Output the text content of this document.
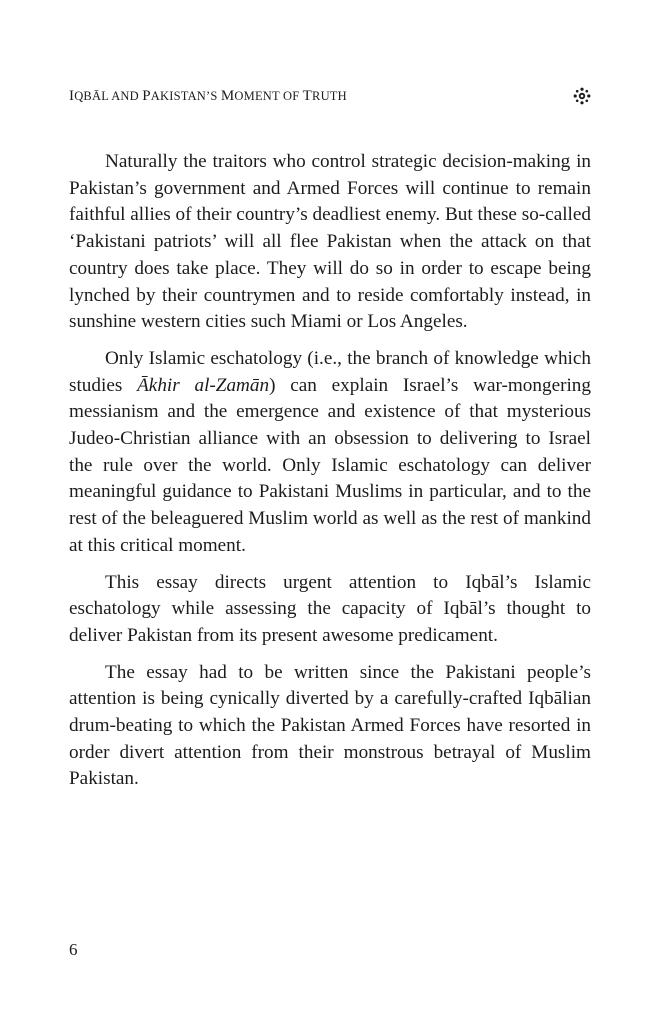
IQBĀL AND PAKISTAN’S MOMENT OF TRUTH

Naturally the traitors who control strategic decision-making in Pakistan’s government and Armed Forces will continue to remain faithful allies of their country’s deadliest enemy. But these so-called ‘Pakistani patriots’ will all flee Pakistan when the attack on that country does take place. They will do so in order to escape being lynched by their countrymen and to reside comfortably instead, in sunshine western cities such Miami or Los Angeles.

Only Islamic eschatology (i.e., the branch of knowledge which studies Ākhir al-Zamān) can explain Israel’s war-mongering messianism and the emergence and existence of that mysterious Judeo-Christian alliance with an obsession to delivering to Israel the rule over the world. Only Islamic eschatology can deliver meaningful guidance to Pakistani Muslims in particular, and to the rest of the beleaguered Muslim world as well as the rest of mankind at this critical moment.

This essay directs urgent attention to Iqbāl’s Islamic eschatology while assessing the capacity of Iqbāl’s thought to deliver Pakistan from its present awesome predicament.

The essay had to be written since the Pakistani people’s attention is being cynically diverted by a carefully-crafted Iqbālian drum-beating to which the Pakistan Armed Forces have resorted in order divert attention from their monstrous betrayal of Muslim Pakistan.

6
